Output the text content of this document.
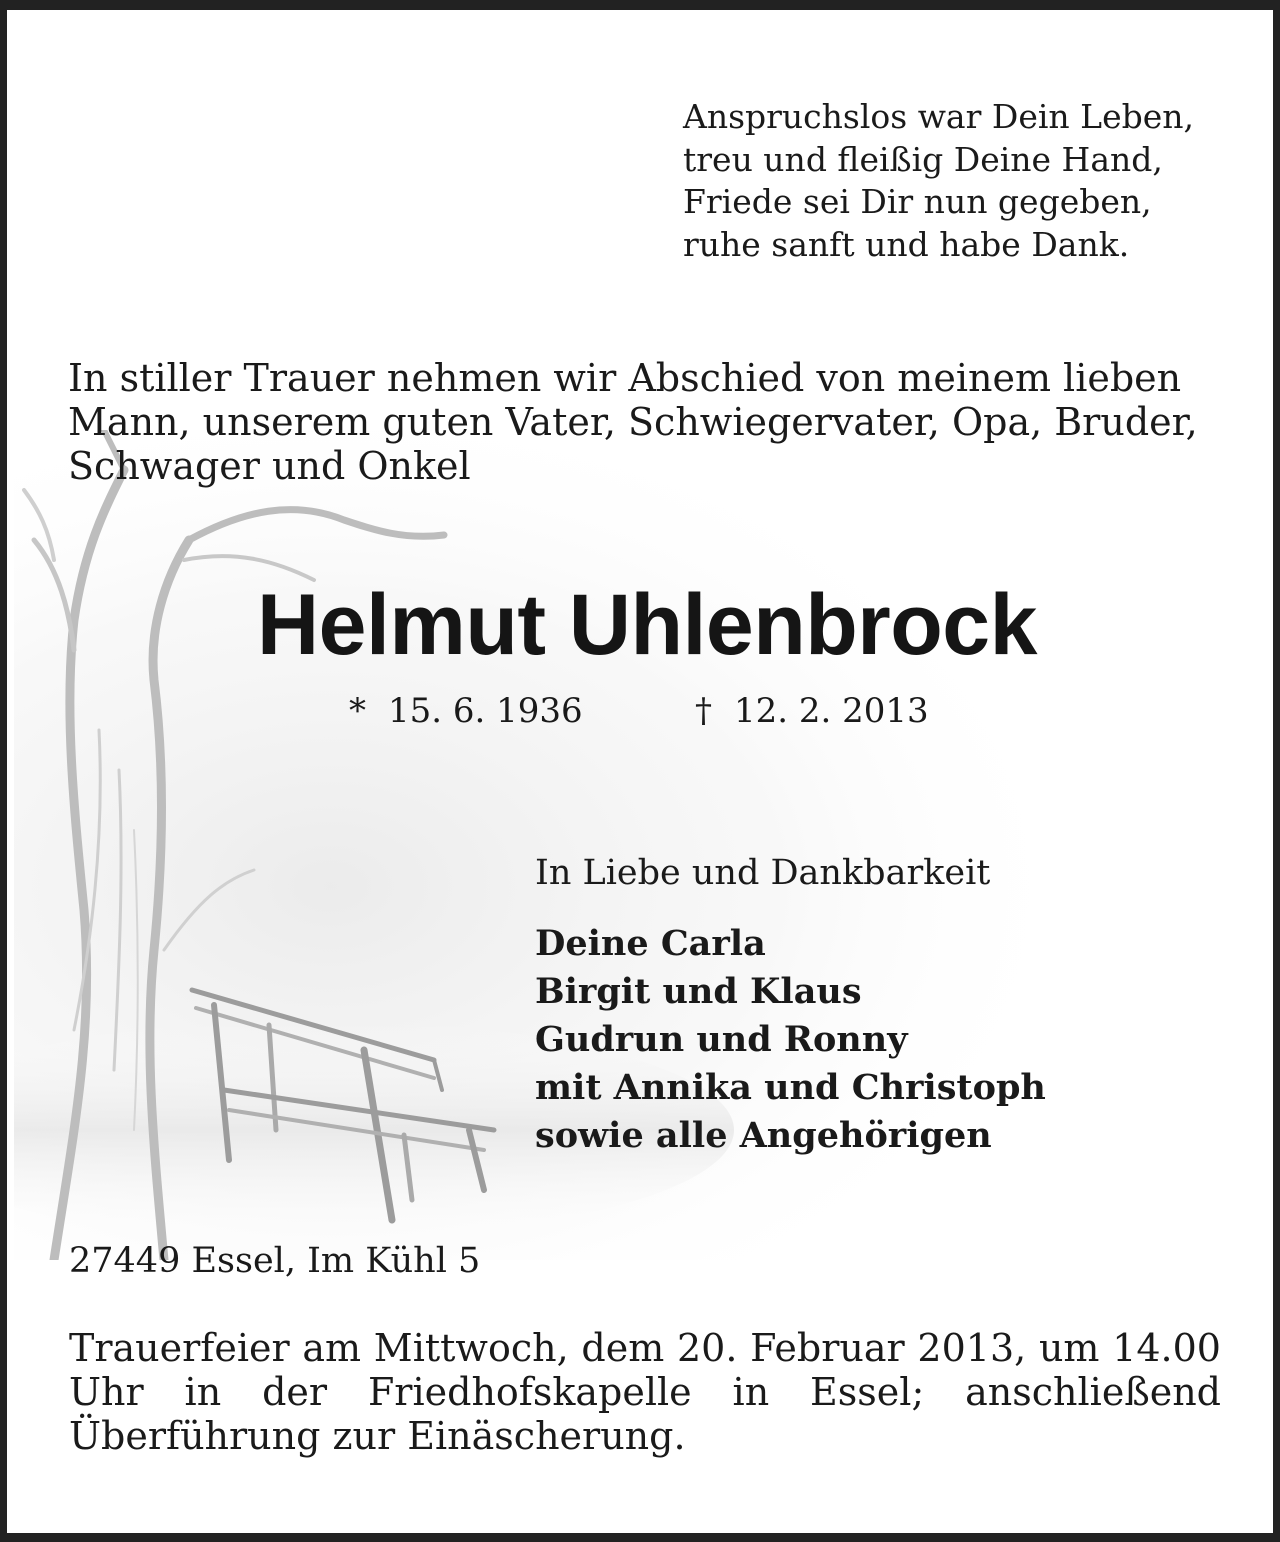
Anspruchslos war Dein Leben,
treu und fleißig Deine Hand,
Friede sei Dir nun gegeben,
ruhe sanft und habe Dank.
In stiller Trauer nehmen wir Abschied von meinem lieben
Mann, unserem guten Vater, Schwiegervater, Opa, Bruder,
Schwager und Onkel
Helmut Uhlenbrock
* 15. 6. 1936	† 12. 2. 2013
In Liebe und Dankbarkeit
Deine Carla
Birgit und Klaus
Gudrun und Ronny
mit Annika und Christoph
sowie alle Angehörigen
27449 Essel, Im Kühl 5
Trauerfeier am Mittwoch, dem 20. Februar 2013, um 14.00 Uhr in der Friedhofskapelle in Essel; anschließend Überführung zur Einäscherung.
